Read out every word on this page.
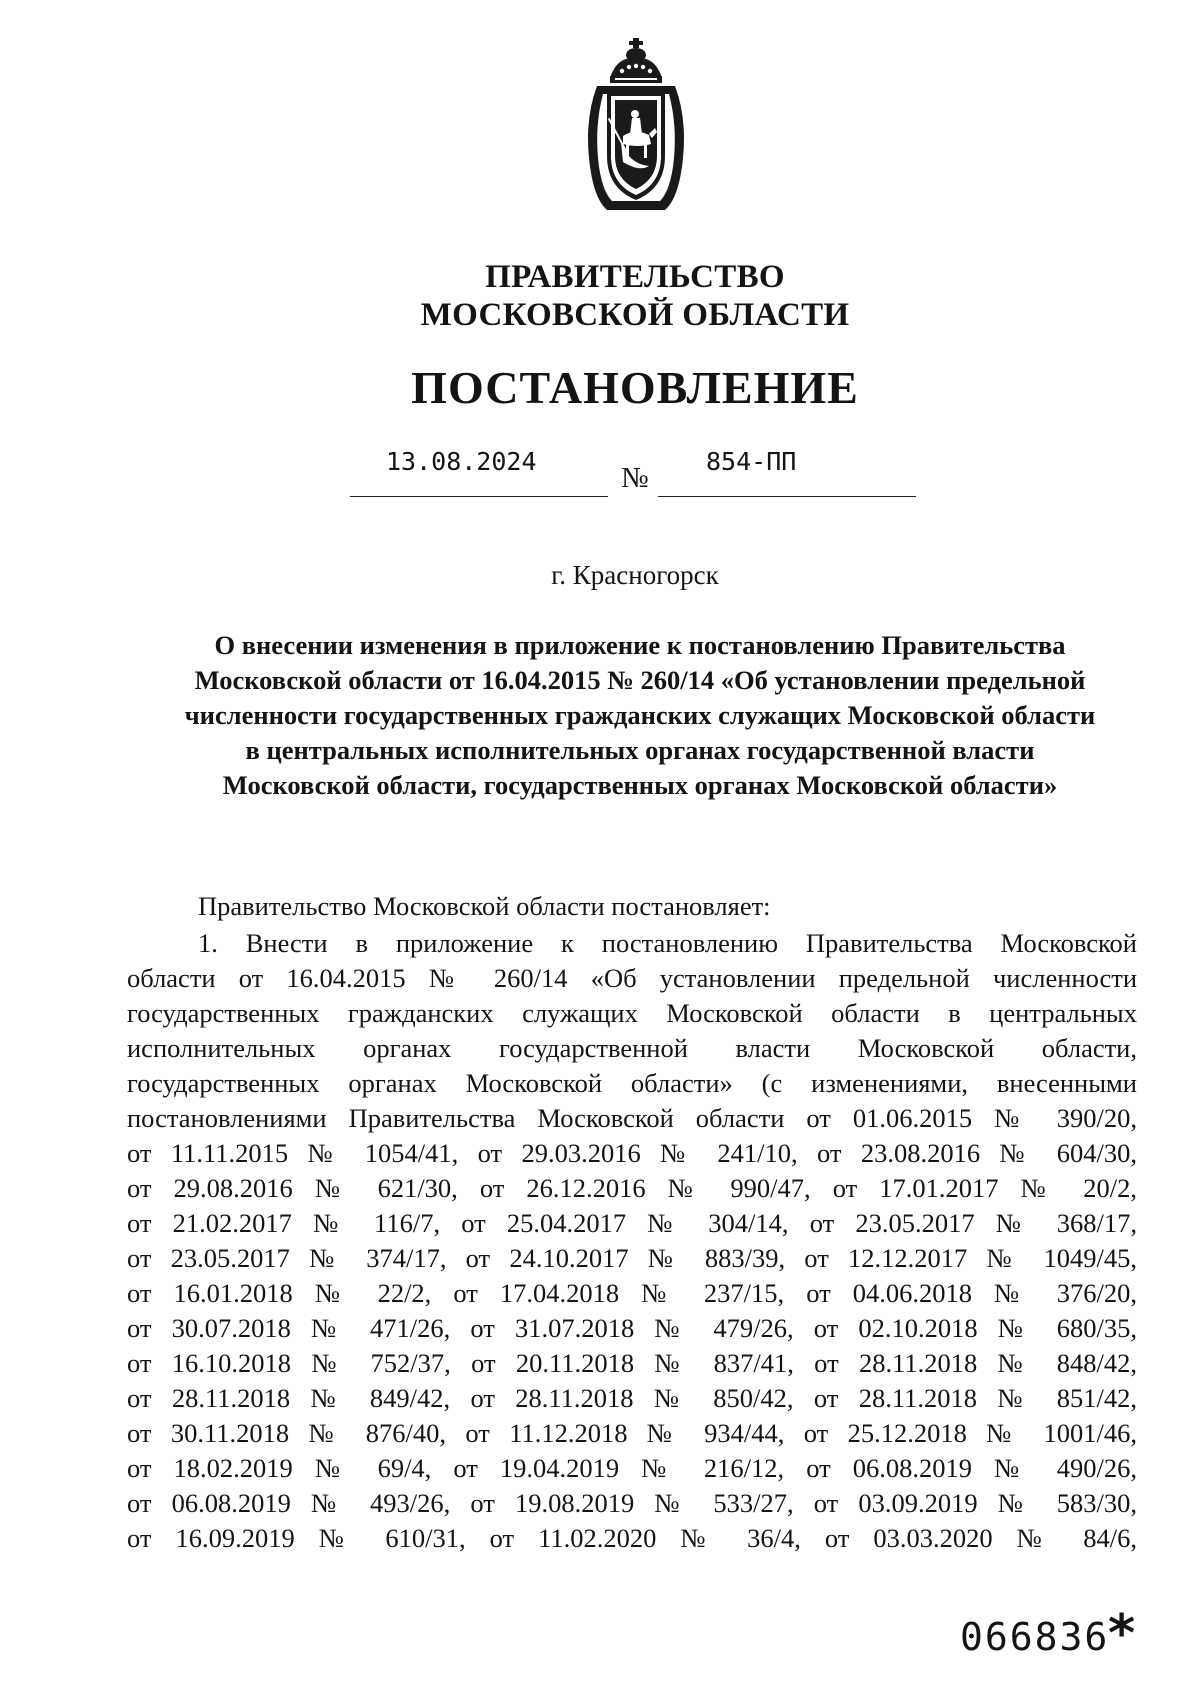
ПРАВИТЕЛЬСТВО
МОСКОВСКОЙ ОБЛАСТИ
ПОСТАНОВЛЕНИЕ
13.08.2024
№
854-ПП
г. Красногорск
О внесении изменения в приложение к постановлению Правительства
Московской области от 16.04.2015 № 260/14 «Об установлении предельной
численности государственных гражданских служащих Московской области
в центральных исполнительных органах государственной власти
Московской области, государственных органах Московской области»
Правительство Московской области постановляет:
1. Внести в приложение к постановлению Правительства Московской
области от 16.04.2015 № 260/14 «Об установлении предельной численности
государственных гражданских служащих Московской области в центральных
исполнительных органах государственной власти Московской области,
государственных органах Московской области» (с изменениями, внесенными
постановлениями Правительства Московской области от 01.06.2015 № 390/20,
от 11.11.2015 № 1054/41, от 29.03.2016 № 241/10, от 23.08.2016 № 604/30,
от 29.08.2016 № 621/30, от 26.12.2016 № 990/47, от 17.01.2017 № 20/2,
от 21.02.2017 № 116/7, от 25.04.2017 № 304/14, от 23.05.2017 № 368/17,
от 23.05.2017 № 374/17, от 24.10.2017 № 883/39, от 12.12.2017 № 1049/45,
от 16.01.2018 № 22/2, от 17.04.2018 № 237/15, от 04.06.2018 № 376/20,
от 30.07.2018 № 471/26, от 31.07.2018 № 479/26, от 02.10.2018 № 680/35,
от 16.10.2018 № 752/37, от 20.11.2018 № 837/41, от 28.11.2018 № 848/42,
от 28.11.2018 № 849/42, от 28.11.2018 № 850/42, от 28.11.2018 № 851/42,
от 30.11.2018 № 876/40, от 11.12.2018 № 934/44, от 25.12.2018 № 1001/46,
от 18.02.2019 № 69/4, от 19.04.2019 № 216/12, от 06.08.2019 № 490/26,
от 06.08.2019 № 493/26, от 19.08.2019 № 533/27, от 03.09.2019 № 583/30,
от 16.09.2019 № 610/31, от 11.02.2020 № 36/4, от 03.03.2020 № 84/6,
066836
*
